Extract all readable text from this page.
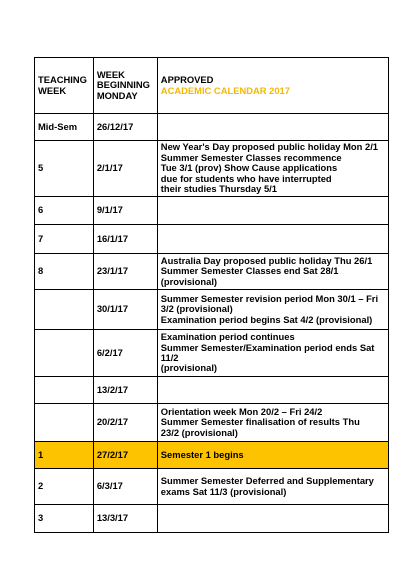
TEACHING WEEK	WEEK BEGINNING MONDAY	APPROVED
ACADEMIC CALENDAR 2017

Mid-Sem	26/12/17	
5	2/1/17	New Year's Day proposed public holiday Mon 2/1
Summer Semester Classes recommence
Tue 3/1 (prov) Show Cause applications
due for students who have interrupted
their studies Thursday 5/1

6	9/1/17	
7	16/1/17	
8	23/1/17	Australia Day proposed public holiday Thu 26/1
Summer Semester Classes end Sat 28/1
(provisional)

	30/1/17	Summer Semester revision period Mon 30/1 – Fri
3/2 (provisional)
Examination period begins Sat 4/2 (provisional)

	6/2/17	Examination period continues
Summer Semester/Examination period ends Sat
11/2
(provisional)

	13/2/17	
	20/2/17	Orientation week Mon 20/2 – Fri 24/2
Summer Semester finalisation of results Thu
23/2 (provisional)

1	27/2/17	Semester 1 begins

2	6/3/17	Summer Semester Deferred and Supplementary
exams Sat 11/3 (provisional)

3	13/3/17	
